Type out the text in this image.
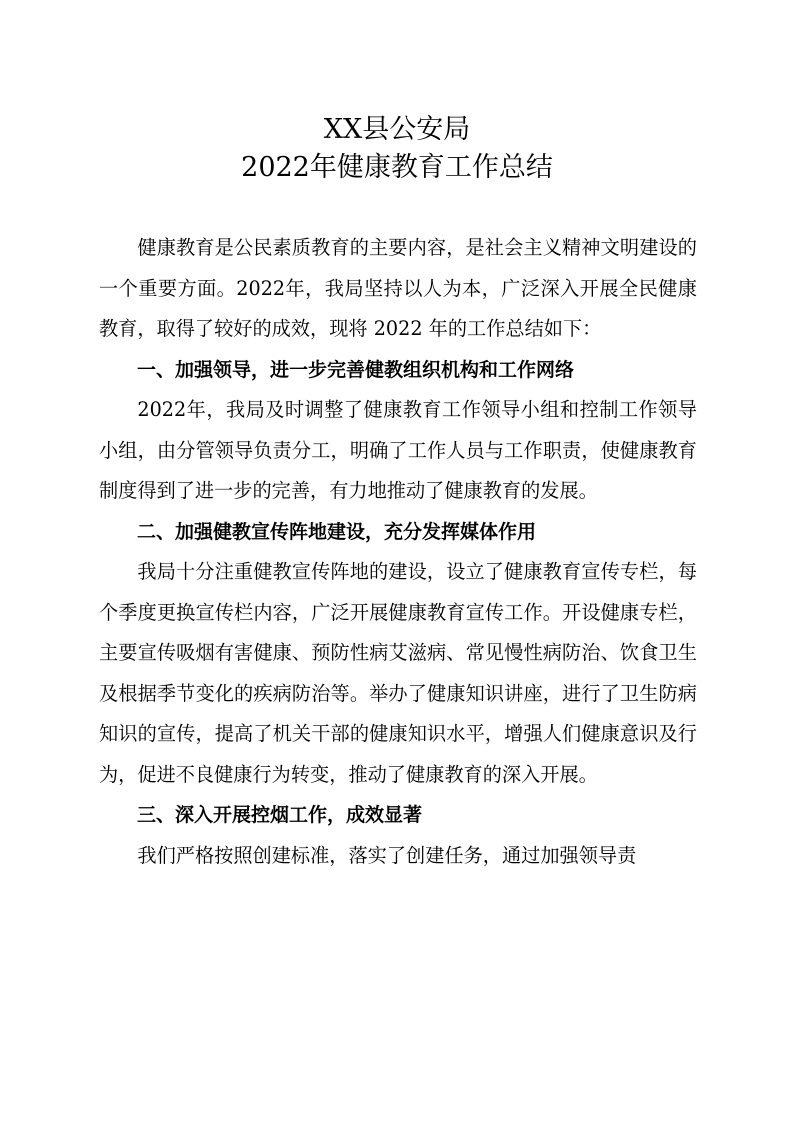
XX县公安局
2022年健康教育工作总结

健康教育是公民素质教育的主要内容，是社会主义精神文明建设的一个重要方面。2022年，我局坚持以人为本，广泛深入开展全民健康教育，取得了较好的成效，现将 2022 年的工作总结如下：

一、加强领导，进一步完善健教组织机构和工作网络

2022年，我局及时调整了健康教育工作领导小组和控制工作领导小组，由分管领导负责分工，明确了工作人员与工作职责，使健康教育制度得到了进一步的完善，有力地推动了健康教育的发展。

二、加强健教宣传阵地建设，充分发挥媒体作用

我局十分注重健教宣传阵地的建设，设立了健康教育宣传专栏，每个季度更换宣传栏内容，广泛开展健康教育宣传工作。开设健康专栏，主要宣传吸烟有害健康、预防性病艾滋病、常见慢性病防治、饮食卫生及根据季节变化的疾病防治等。举办了健康知识讲座，进行了卫生防病知识的宣传，提高了机关干部的健康知识水平，增强人们健康意识及行为，促进不良健康行为转变，推动了健康教育的深入开展。

三、深入开展控烟工作，成效显著

我们严格按照创建标准，落实了创建任务，通过加强领导责
